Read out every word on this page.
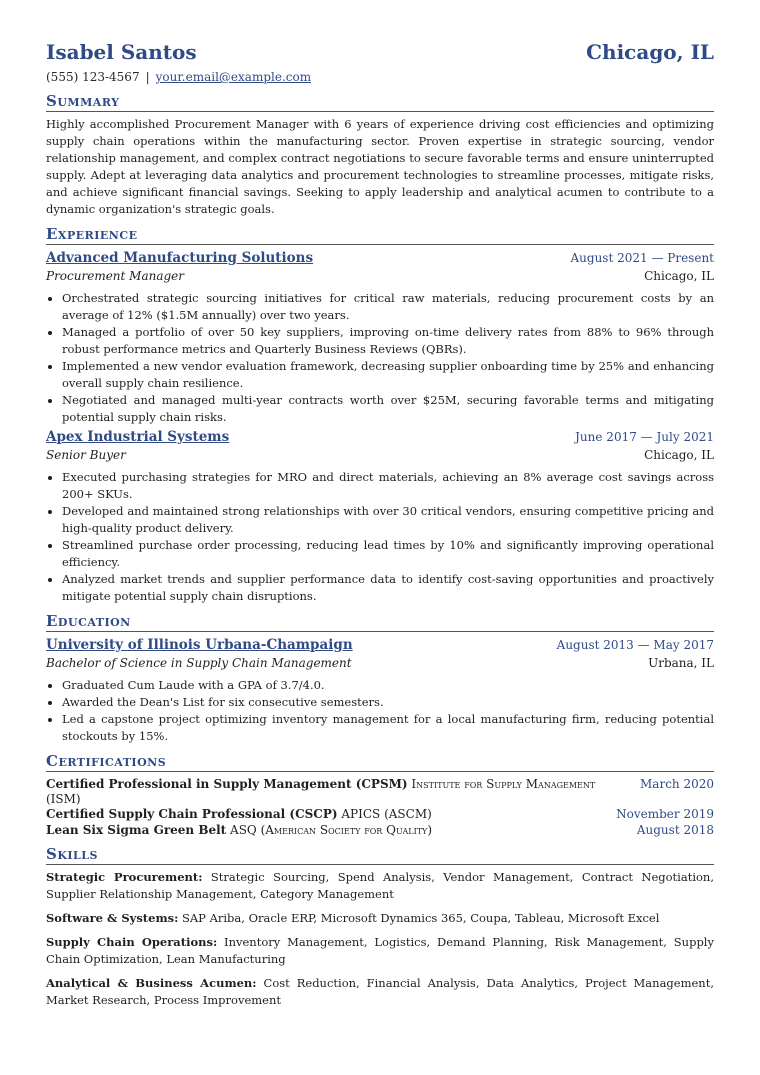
Isabel Santos	Chicago, IL
(555) 123-4567 | your.email@example.com
Summary

Highly accomplished Procurement Manager with 6 years of experience driving cost efficiencies and optimizing supply chain operations within the manufacturing sector. Proven expertise in strategic sourcing, vendor relationship management, and complex contract negotiations to secure favorable terms and ensure uninterrupted supply. Adept at leveraging data analytics and procurement technologies to streamline processes, mitigate risks, and achieve significant financial savings. Seeking to apply leadership and analytical acumen to contribute to a dynamic organization's strategic goals.

Experience
Advanced Manufacturing Solutions	August 2021 — Present
Procurement Manager	Chicago, IL
• Orchestrated strategic sourcing initiatives for critical raw materials, reducing procurement costs by an average of 12% ($1.5M annually) over two years.
• Managed a portfolio of over 50 key suppliers, improving on-time delivery rates from 88% to 96% through robust performance metrics and Quarterly Business Reviews (QBRs).
• Implemented a new vendor evaluation framework, decreasing supplier onboarding time by 25% and enhancing overall supply chain resilience.
• Negotiated and managed multi-year contracts worth over $25M, securing favorable terms and mitigating potential supply chain risks.
Apex Industrial Systems	June 2017 — July 2021
Senior Buyer	Chicago, IL
• Executed purchasing strategies for MRO and direct materials, achieving an 8% average cost savings across 200+ SKUs.
• Developed and maintained strong relationships with over 30 critical vendors, ensuring competitive pricing and high-quality product delivery.
• Streamlined purchase order processing, reducing lead times by 10% and significantly improving operational efficiency.
• Analyzed market trends and supplier performance data to identify cost-saving opportunities and proactively mitigate potential supply chain disruptions.
Education
University of Illinois Urbana-Champaign	August 2013 — May 2017
Bachelor of Science in Supply Chain Management	Urbana, IL
• Graduated Cum Laude with a GPA of 3.7/4.0.
• Awarded the Dean's List for six consecutive semesters.
• Led a capstone project optimizing inventory management for a local manufacturing firm, reducing potential stockouts by 15%.
Certifications
Certified Professional in Supply Management (CPSM) Institute for Supply Management	March 2020
(ISM)
Certified Supply Chain Professional (CSCP) APICS (ASCM)	November 2019
Lean Six Sigma Green Belt ASQ (American Society for Quality)	August 2018
Skills

Strategic Procurement: Strategic Sourcing, Spend Analysis, Vendor Management, Contract Negotiation, Supplier Relationship Management, Category Management

Software & Systems: SAP Ariba, Oracle ERP, Microsoft Dynamics 365, Coupa, Tableau, Microsoft Excel

Supply Chain Operations: Inventory Management, Logistics, Demand Planning, Risk Management, Supply Chain Optimization, Lean Manufacturing

Analytical & Business Acumen: Cost Reduction, Financial Analysis, Data Analytics, Project Management, Market Research, Process Improvement
